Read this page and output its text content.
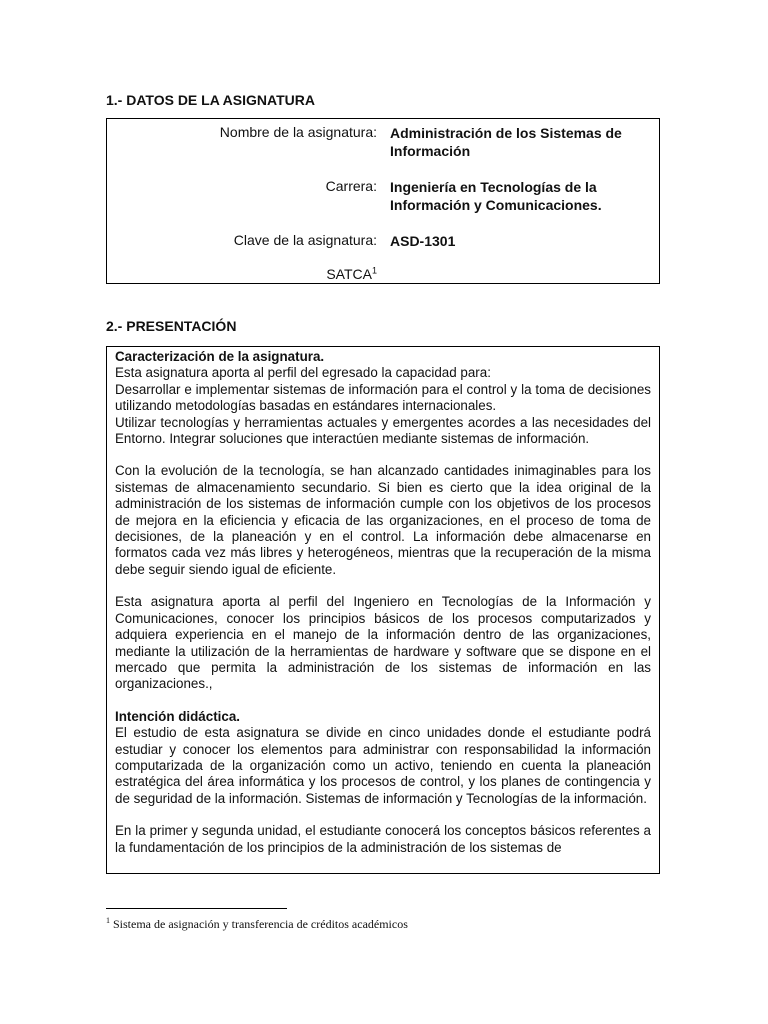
1.- DATOS DE LA ASIGNATURA
Nombre de la asignatura: Administración de los Sistemas de Información
Carrera: Ingeniería en Tecnologías de la Información y Comunicaciones.
Clave de la asignatura: ASD-1301
SATCA$^1$
2.- PRESENTACIÓN

Caracterización de la asignatura.

Esta asignatura aporta al perfil del egresado la capacidad para:

Desarrollar e implementar sistemas de información para el control y la toma de decisiones utilizando metodologías basadas en estándares internacionales.

Utilizar tecnologías y herramientas actuales y emergentes acordes a las necesidades del Entorno. Integrar soluciones que interactúen mediante sistemas de información.

Con la evolución de la tecnología, se han alcanzado cantidades inimaginables para los sistemas de almacenamiento secundario. Si bien es cierto que la idea original de la administración de los sistemas de información cumple con los objetivos de los procesos de mejora en la eficiencia y eficacia de las organizaciones, en el proceso de toma de decisiones, de la planeación y en el control. La información debe almacenarse en formatos cada vez más libres y heterogéneos, mientras que la recuperación de la misma debe seguir siendo igual de eficiente.

Esta asignatura aporta al perfil del Ingeniero en Tecnologías de la Información y Comunicaciones, conocer los principios básicos de los procesos computarizados y adquiera experiencia en el manejo de la información dentro de las organizaciones, mediante la utilización de la herramientas de hardware y software que se dispone en el mercado que permita la administración de los sistemas de información en las organizaciones.,

Intención didáctica.

El estudio de esta asignatura se divide en cinco unidades donde el estudiante podrá estudiar y conocer los elementos para administrar con responsabilidad la información computarizada de la organización como un activo, teniendo en cuenta la planeación estratégica del área informática y los procesos de control, y los planes de contingencia y de seguridad de la información. Sistemas de información y Tecnologías de la información.

En la primer y segunda unidad, el estudiante conocerá los conceptos básicos referentes a la fundamentación de los principios de la administración de los sistemas de

$^1$ Sistema de asignación y transferencia de créditos académicos
